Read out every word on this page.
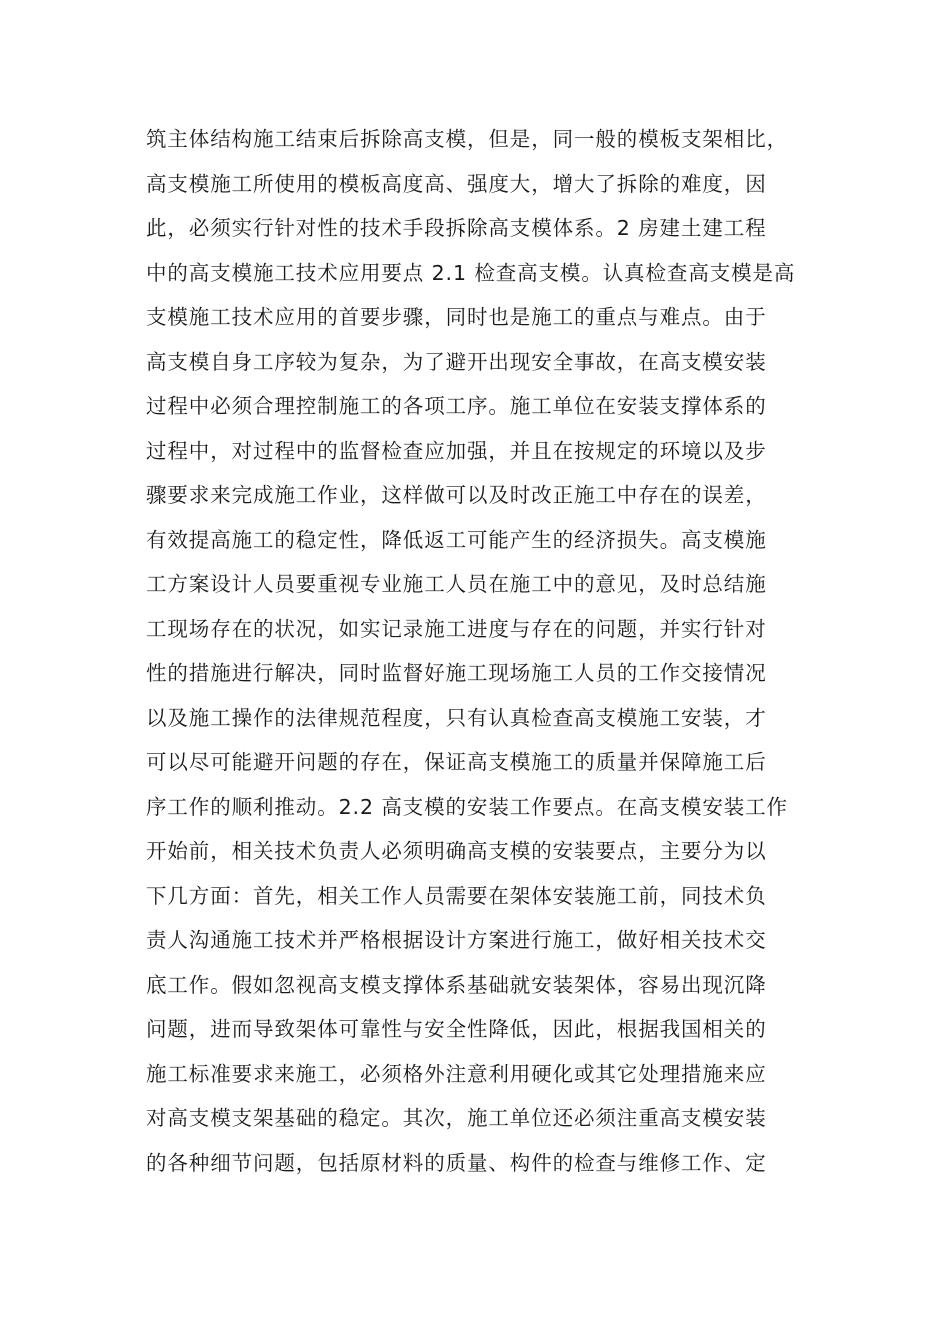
筑主体结构施工结束后拆除高支模，但是，同一般的模板支架相比，
高支模施工所使用的模板高度高、强度大，增大了拆除的难度，因
此，必须实行针对性的技术手段拆除高支模体系。2 房建土建工程
中的高支模施工技术应用要点 2.1 检查高支模。认真检查高支模是高
支模施工技术应用的首要步骤，同时也是施工的重点与难点。由于
高支模自身工序较为复杂，为了避开出现安全事故，在高支模安装
过程中必须合理控制施工的各项工序。施工单位在安装支撑体系的
过程中，对过程中的监督检查应加强，并且在按规定的环境以及步
骤要求来完成施工作业，这样做可以及时改正施工中存在的误差，
有效提高施工的稳定性，降低返工可能产生的经济损失。高支模施
工方案设计人员要重视专业施工人员在施工中的意见，及时总结施
工现场存在的状况，如实记录施工进度与存在的问题，并实行针对
性的措施进行解决，同时监督好施工现场施工人员的工作交接情况
以及施工操作的法律规范程度，只有认真检查高支模施工安装，才
可以尽可能避开问题的存在，保证高支模施工的质量并保障施工后
序工作的顺利推动。2.2 高支模的安装工作要点。在高支模安装工作
开始前，相关技术负责人必须明确高支模的安装要点，主要分为以
下几方面：首先，相关工作人员需要在架体安装施工前，同技术负
责人沟通施工技术并严格根据设计方案进行施工，做好相关技术交
底工作。假如忽视高支模支撑体系基础就安装架体，容易出现沉降
问题，进而导致架体可靠性与安全性降低，因此，根据我国相关的
施工标准要求来施工，必须格外注意利用硬化或其它处理措施来应
对高支模支架基础的稳定。其次，施工单位还必须注重高支模安装
的各种细节问题，包括原材料的质量、构件的检查与维修工作、定
